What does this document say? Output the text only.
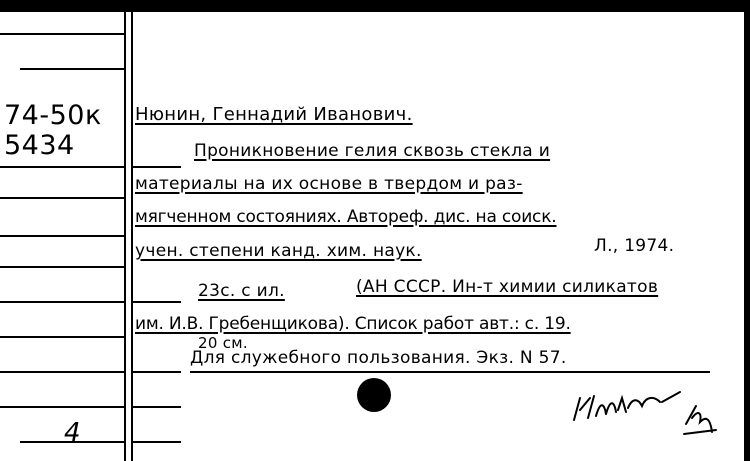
74-50к
5434
Нюнин, Геннадий Иванович.
Проникновение гелия сквозь стекла и
материалы на их основе в твердом и раз-
мягченном состояниях. Автореф. дис. на соиск.
учен. степени канд. хим. наук.	Л., 1974.
23с. с ил.	(АН СССР. Ин-т химии силикатов
им. И.В. Гребенщикова). Список работ авт.: с. 19.
20 см.
Для служебного пользования. Экз. N 57.
4
